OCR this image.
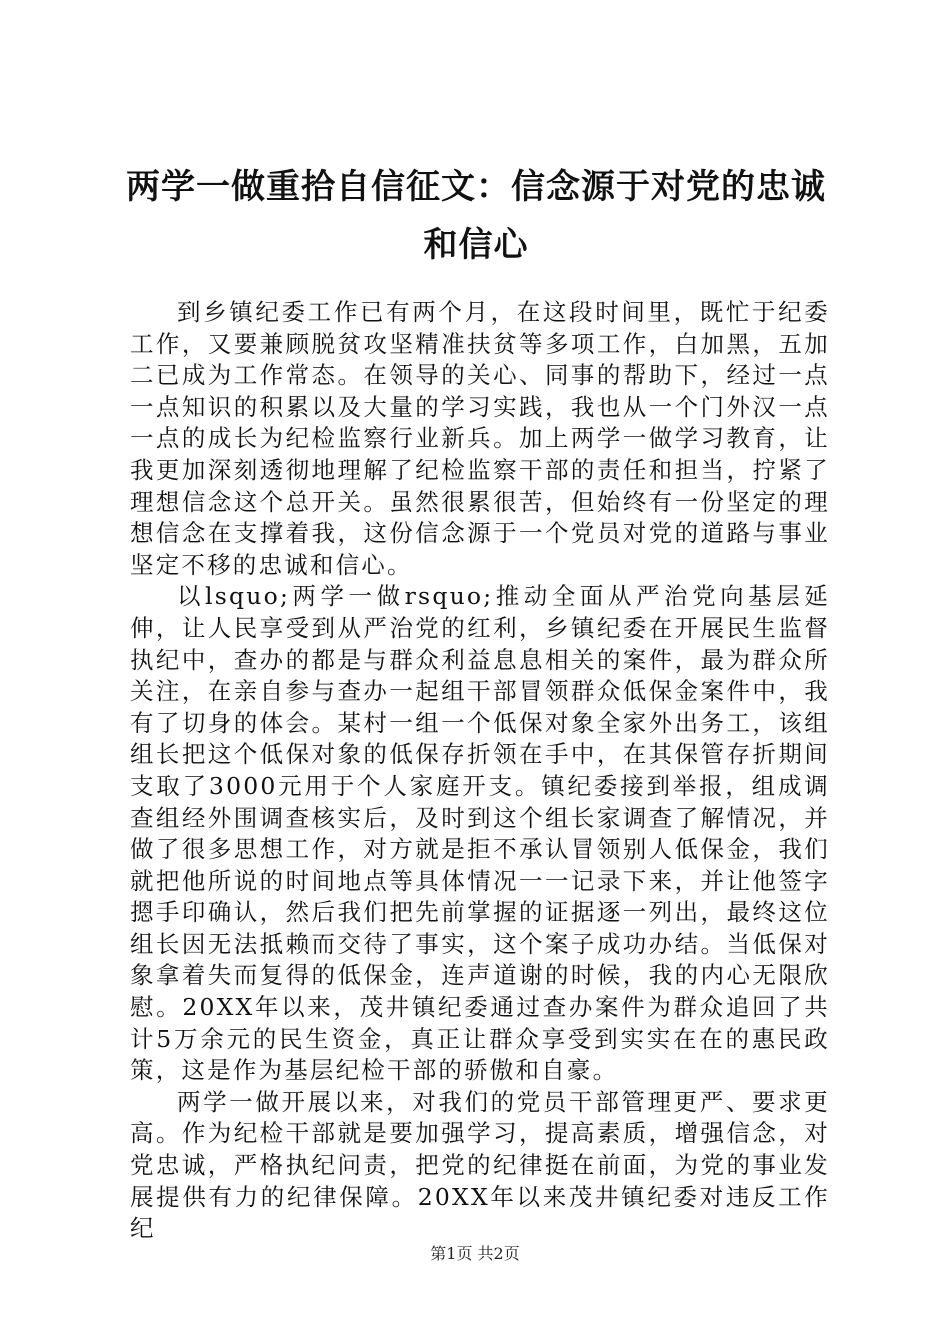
两学一做重拾自信征文：信念源于对党的忠诚和信心

到乡镇纪委工作已有两个月，在这段时间里，既忙于纪委工作，又要兼顾脱贫攻坚精准扶贫等多项工作，白加黑，五加二已成为工作常态。在领导的关心、同事的帮助下，经过一点一点知识的积累以及大量的学习实践，我也从一个门外汉一点一点的成长为纪检监察行业新兵。加上两学一做学习教育，让我更加深刻透彻地理解了纪检监察干部的责任和担当，拧紧了理想信念这个总开关。虽然很累很苦，但始终有一份坚定的理想信念在支撑着我，这份信念源于一个党员对党的道路与事业坚定不移的忠诚和信心。

以lsquo;两学一做rsquo;推动全面从严治党向基层延伸，让人民享受到从严治党的红利，乡镇纪委在开展民生监督执纪中，查办的都是与群众利益息息相关的案件，最为群众所关注，在亲自参与查办一起组干部冒领群众低保金案件中，我有了切身的体会。某村一组一个低保对象全家外出务工，该组组长把这个低保对象的低保存折领在手中，在其保管存折期间支取了3000元用于个人家庭开支。镇纪委接到举报，组成调查组经外围调查核实后，及时到这个组长家调查了解情况，并做了很多思想工作，对方就是拒不承认冒领别人低保金，我们就把他所说的时间地点等具体情况一一记录下来，并让他签字摁手印确认，然后我们把先前掌握的证据逐一列出，最终这位组长因无法抵赖而交待了事实，这个案子成功办结。当低保对象拿着失而复得的低保金，连声道谢的时候，我的内心无限欣慰。20XX年以来，茂井镇纪委通过查办案件为群众追回了共计5万余元的民生资金，真正让群众享受到实实在在的惠民政策，这是作为基层纪检干部的骄傲和自豪。

两学一做开展以来，对我们的党员干部管理更严、要求更高。作为纪检干部就是要加强学习，提高素质，增强信念，对党忠诚，严格执纪问责，把党的纪律挺在前面，为党的事业发展提供有力的纪律保障。20XX年以来茂井镇纪委对违反工作纪

第1页 共2页
